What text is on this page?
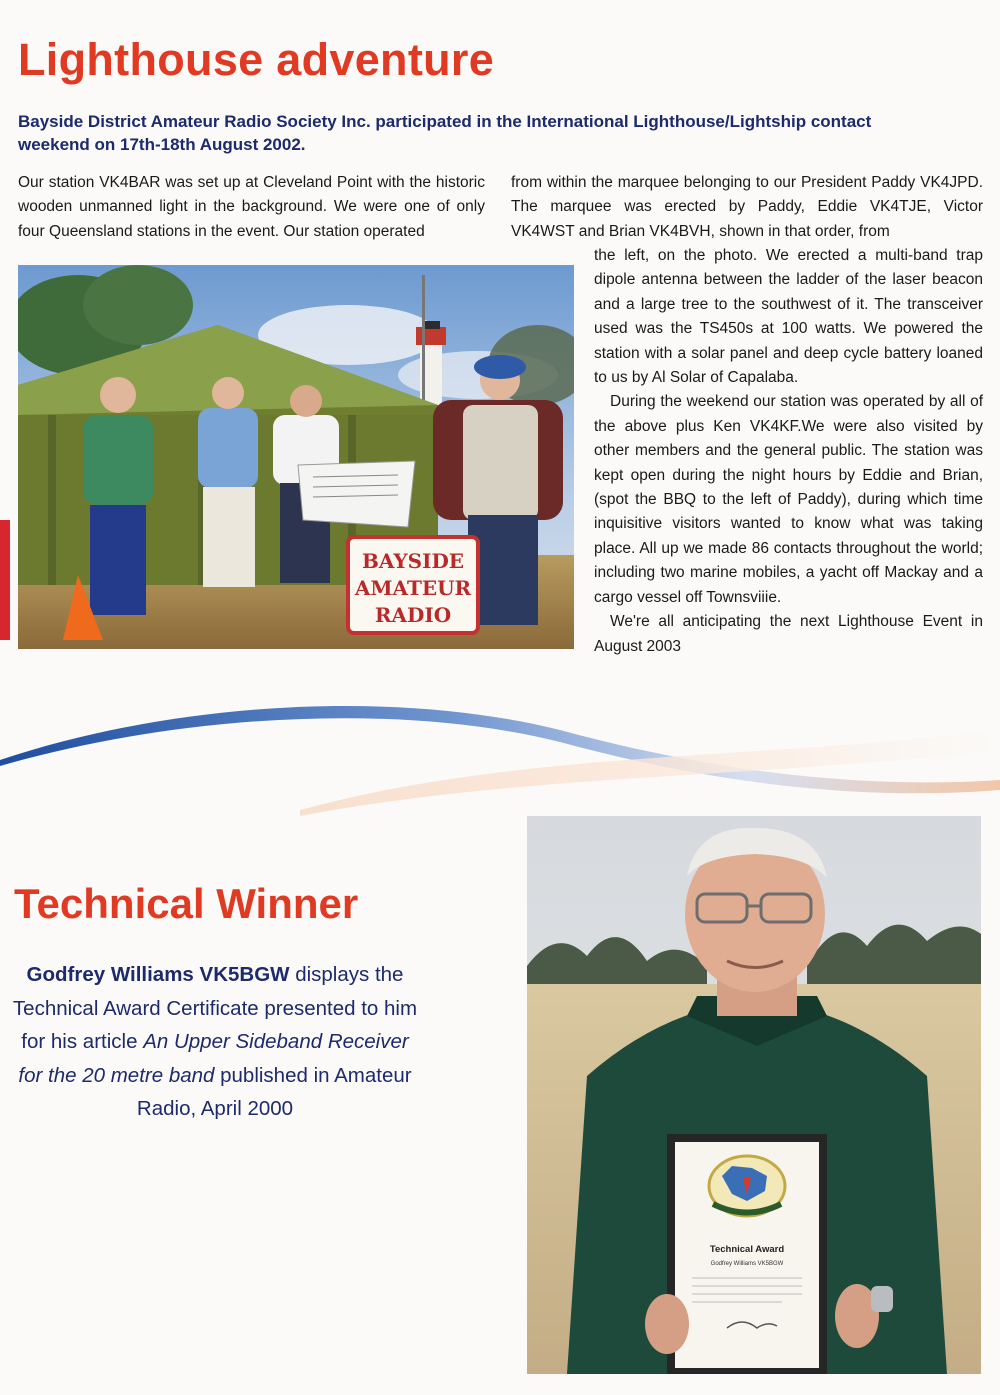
Lighthouse adventure

Bayside District Amateur Radio Society Inc. participated in the International Lighthouse/Lightship contact weekend on 17th-18th August 2002.

Our station VK4BAR was set up at Cleveland Point with the historic wooden unmanned light in the background. We were one of only four Queensland stations in the event. Our station operated

from within the marquee belonging to our President Paddy VK4JPD. The marquee was erected by Paddy, Eddie VK4TJE, Victor VK4WST and Brian VK4BVH, shown in that order, from

the left, on the photo. We erected a multi-band trap dipole antenna between the ladder of the laser beacon and a large tree to the southwest of it. The transceiver used was the TS450s at 100 watts. We powered the station with a solar panel and deep cycle battery loaned to us by Al Solar of Capalaba.

During the weekend our station was operated by all of the above plus Ken VK4KF.We were also visited by other members and the general public. The station was kept open during the night hours by Eddie and Brian, (spot the BBQ to the left of Paddy), during which time inquisitive visitors wanted to know what was taking place. All up we made 86 contacts throughout the world; including two marine mobiles, a yacht off Mackay and a cargo vessel off Townsviiie.

We're all anticipating the next Lighthouse Event in August 2003

BAYSIDE
AMATEUR
RADIO
Technical Winner
Godfrey Williams VK5BGW displays the Technical Award Certificate presented to him for his article An Upper Sideband Receiver for the 20 metre band published in Amateur Radio, April 2000
Technical Award
Godfrey Williams VK5BGW
